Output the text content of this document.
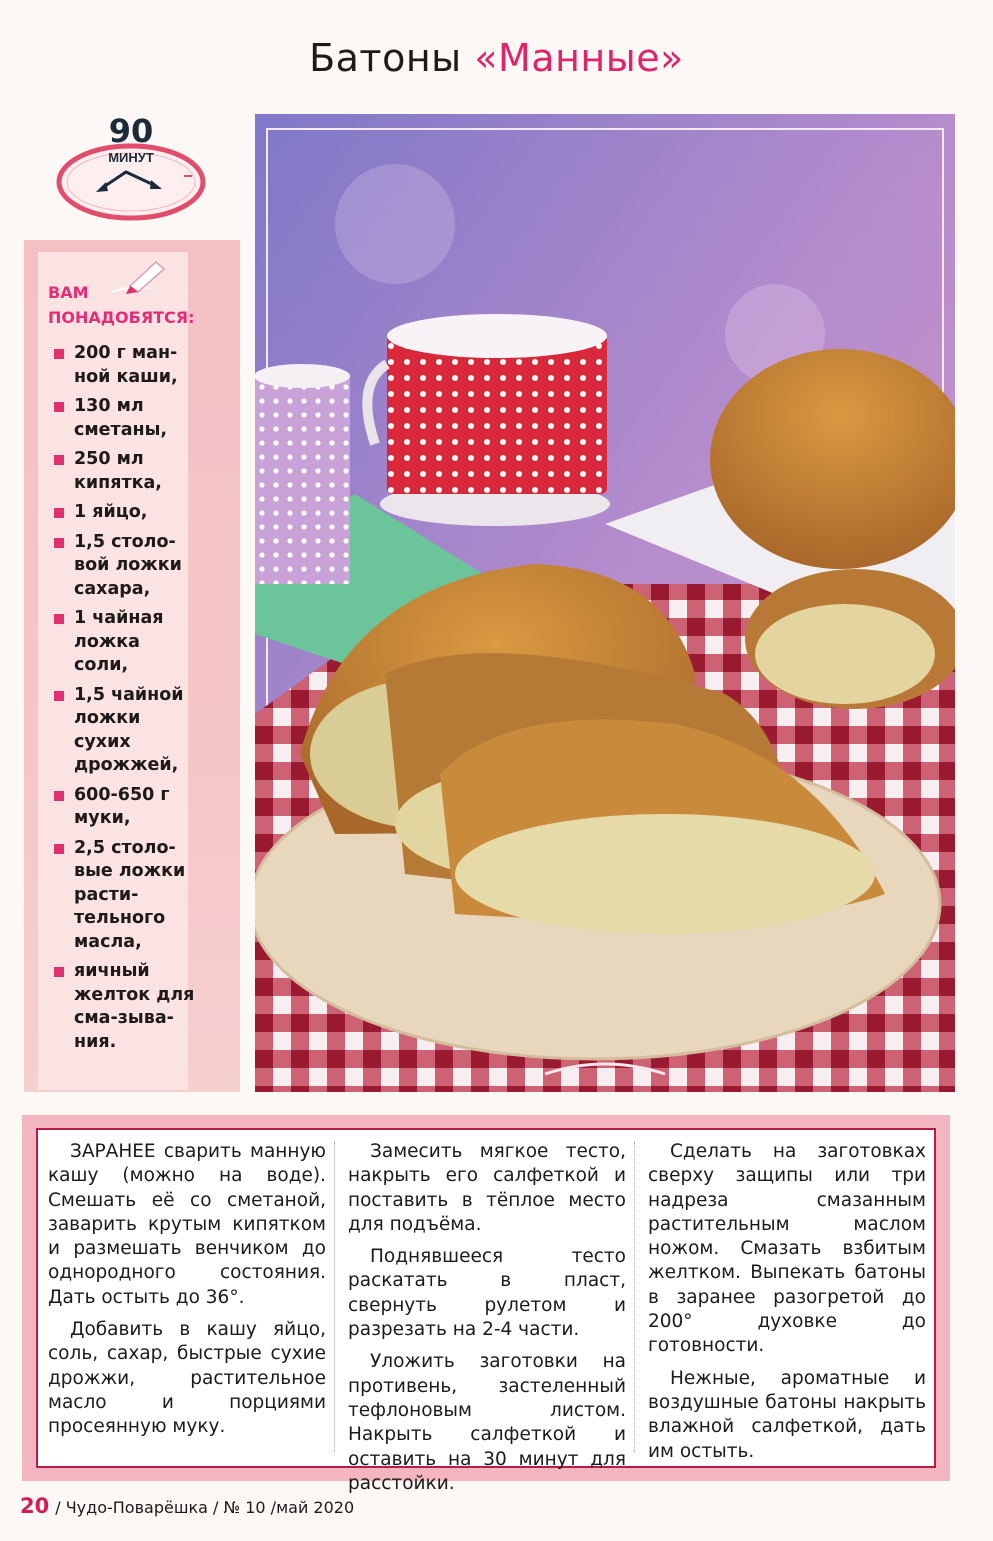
Батоны «Манные»
90
МИНУТ
ВАМ
ПОНАДОБЯТСЯ:
200 г ман-ной каши,
130 мл сметаны,
250 мл кипятка,
1 яйцо,
1,5 столо-вой ложки сахара,
1 чайная ложка соли,
1,5 чайной ложки сухих дрожжей,
600-650 г муки,
2,5 столо-вые ложки расти-тельного масла,
яичный желток для сма-зыва-ния.

ЗАРАНЕЕ сварить манную кашу (можно на воде). Смешать её со сметаной, заварить крутым кипятком и размешать венчиком до однородного состояния. Дать остыть до 36°.

Добавить в кашу яйцо, соль, сахар, быстрые сухие дрожжи, растительное масло и порциями просеянную муку.

Замесить мягкое тесто, накрыть его салфеткой и поставить в тёплое место для подъёма.

Поднявшееся тесто раскатать в пласт, свернуть рулетом и разрезать на 2-4 части.

Уложить заготовки на противень, застеленный тефлоновым листом. Накрыть салфеткой и оставить на 30 минут для расстойки.

Сделать на заготовках сверху защипы или три надреза смазанным растительным маслом ножом. Смазать взбитым желтком. Выпекать батоны в заранее разогретой до 200° духовке до готовности.

Нежные, ароматные и воздушные батоны накрыть влажной салфеткой, дать им остыть.

20 / Чудо-Поварёшка / № 10 /май 2020
